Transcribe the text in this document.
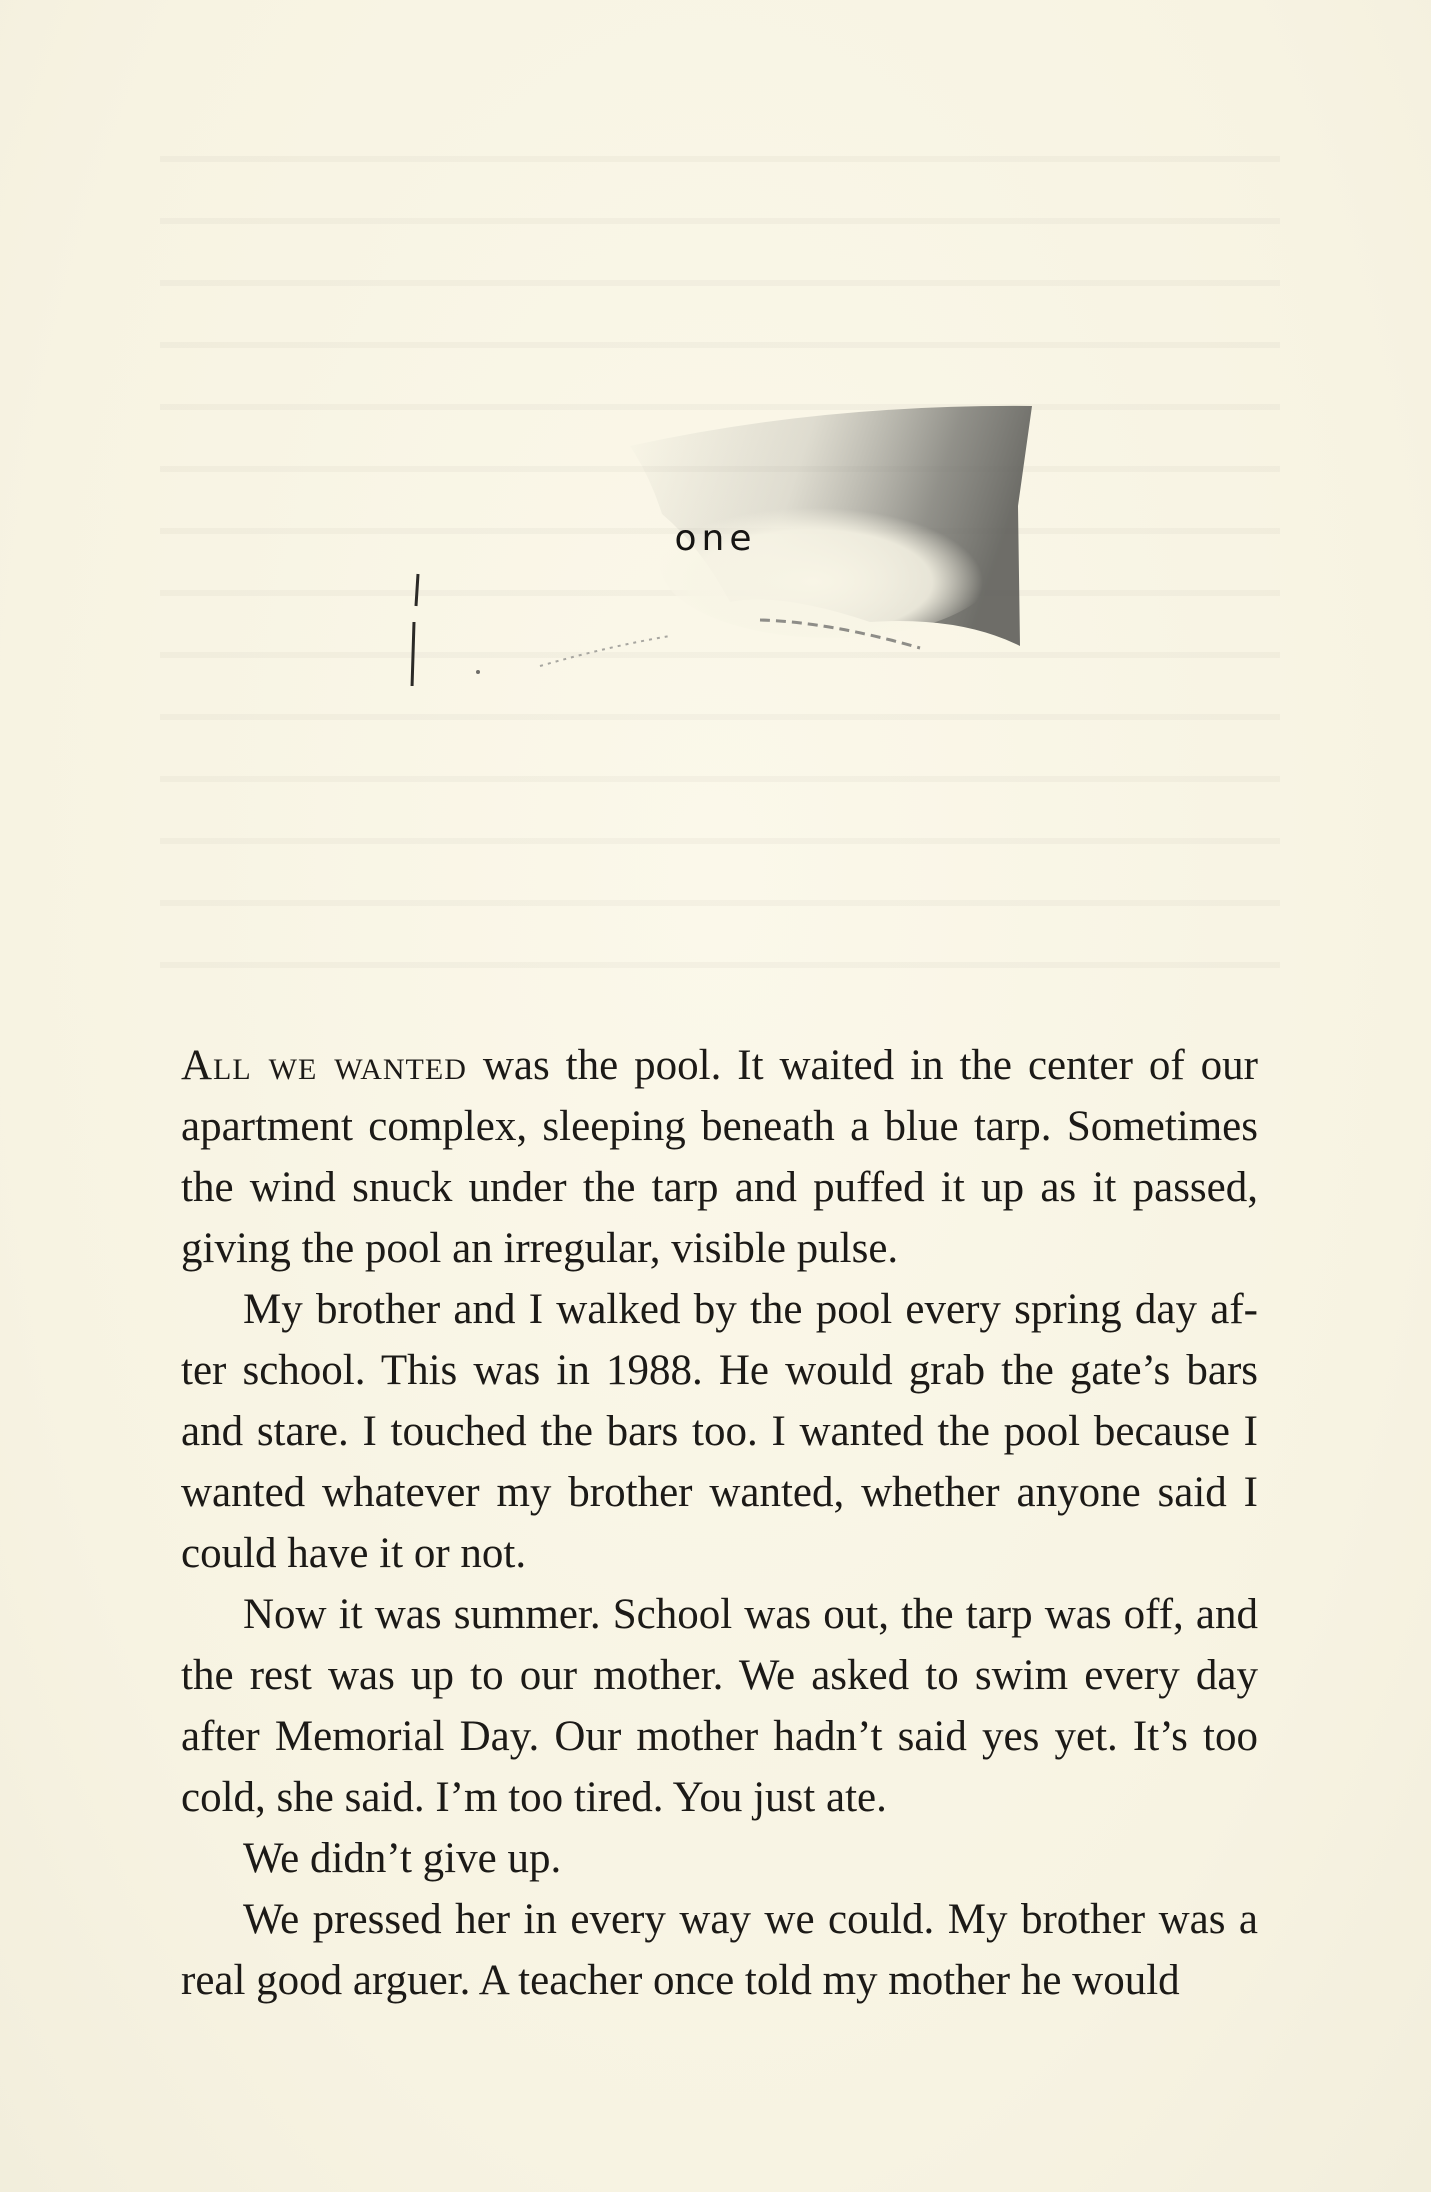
one

All we wanted was the pool. It waited in the center of our apartment complex, sleeping beneath a blue tarp. Sometimes the wind snuck under the tarp and puffed it up as it passed, giving the pool an irregular, visible pulse.

My brother and I walked by the pool every spring day after school. This was in 1988. He would grab the gate’s bars and stare. I touched the bars too. I wanted the pool because I wanted whatever my brother wanted, whether anyone said I could have it or not.

Now it was summer. School was out, the tarp was off, and the rest was up to our mother. We asked to swim every day after Memorial Day. Our mother hadn’t said yes yet. It’s too cold, she said. I’m too tired. You just ate.

We didn’t give up.

We pressed her in every way we could. My brother was a real good arguer. A teacher once told my mother he would
